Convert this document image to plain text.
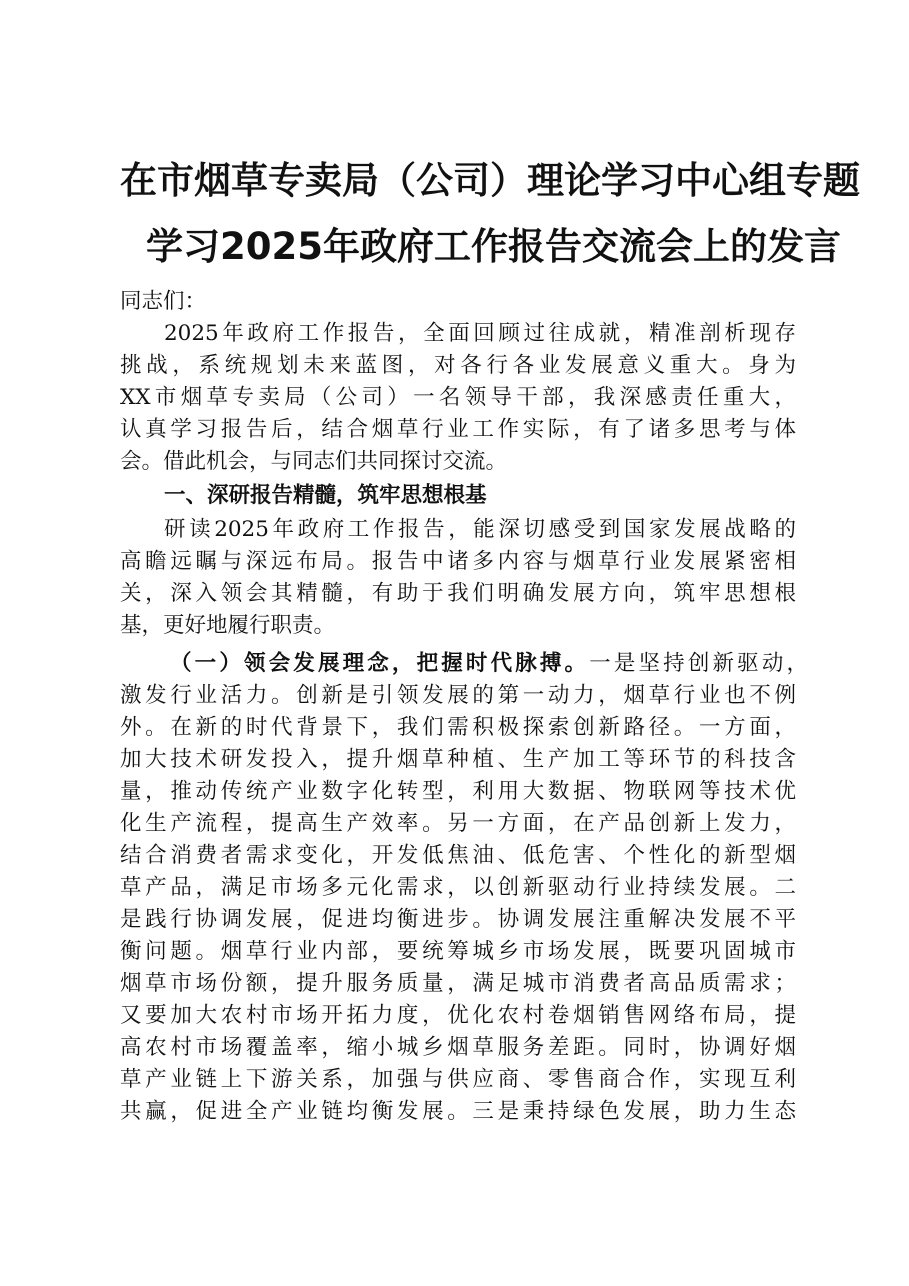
在市烟草专卖局（公司）理论学习中心组专题
学习2025年政府工作报告交流会上的发言
同志们：
2025年政府工作报告，全面回顾过往成就，精准剖析现存
挑战，系统规划未来蓝图，对各行各业发展意义重大。身为
XX市烟草专卖局（公司）一名领导干部，我深感责任重大，
认真学习报告后，结合烟草行业工作实际，有了诸多思考与体
会。借此机会，与同志们共同探讨交流。
一、深研报告精髓，筑牢思想根基
研读2025年政府工作报告，能深切感受到国家发展战略的
高瞻远瞩与深远布局。报告中诸多内容与烟草行业发展紧密相
关，深入领会其精髓，有助于我们明确发展方向，筑牢思想根
基，更好地履行职责。
（一）领会发展理念，把握时代脉搏。一是坚持创新驱动，
激发行业活力。创新是引领发展的第一动力，烟草行业也不例
外。在新的时代背景下，我们需积极探索创新路径。一方面，
加大技术研发投入，提升烟草种植、生产加工等环节的科技含
量，推动传统产业数字化转型，利用大数据、物联网等技术优
化生产流程，提高生产效率。另一方面，在产品创新上发力，
结合消费者需求变化，开发低焦油、低危害、个性化的新型烟
草产品，满足市场多元化需求，以创新驱动行业持续发展。二
是践行协调发展，促进均衡进步。协调发展注重解决发展不平
衡问题。烟草行业内部，要统筹城乡市场发展，既要巩固城市
烟草市场份额，提升服务质量，满足城市消费者高品质需求；
又要加大农村市场开拓力度，优化农村卷烟销售网络布局，提
高农村市场覆盖率，缩小城乡烟草服务差距。同时，协调好烟
草产业链上下游关系，加强与供应商、零售商合作，实现互利
共赢，促进全产业链均衡发展。三是秉持绿色发展，助力生态
